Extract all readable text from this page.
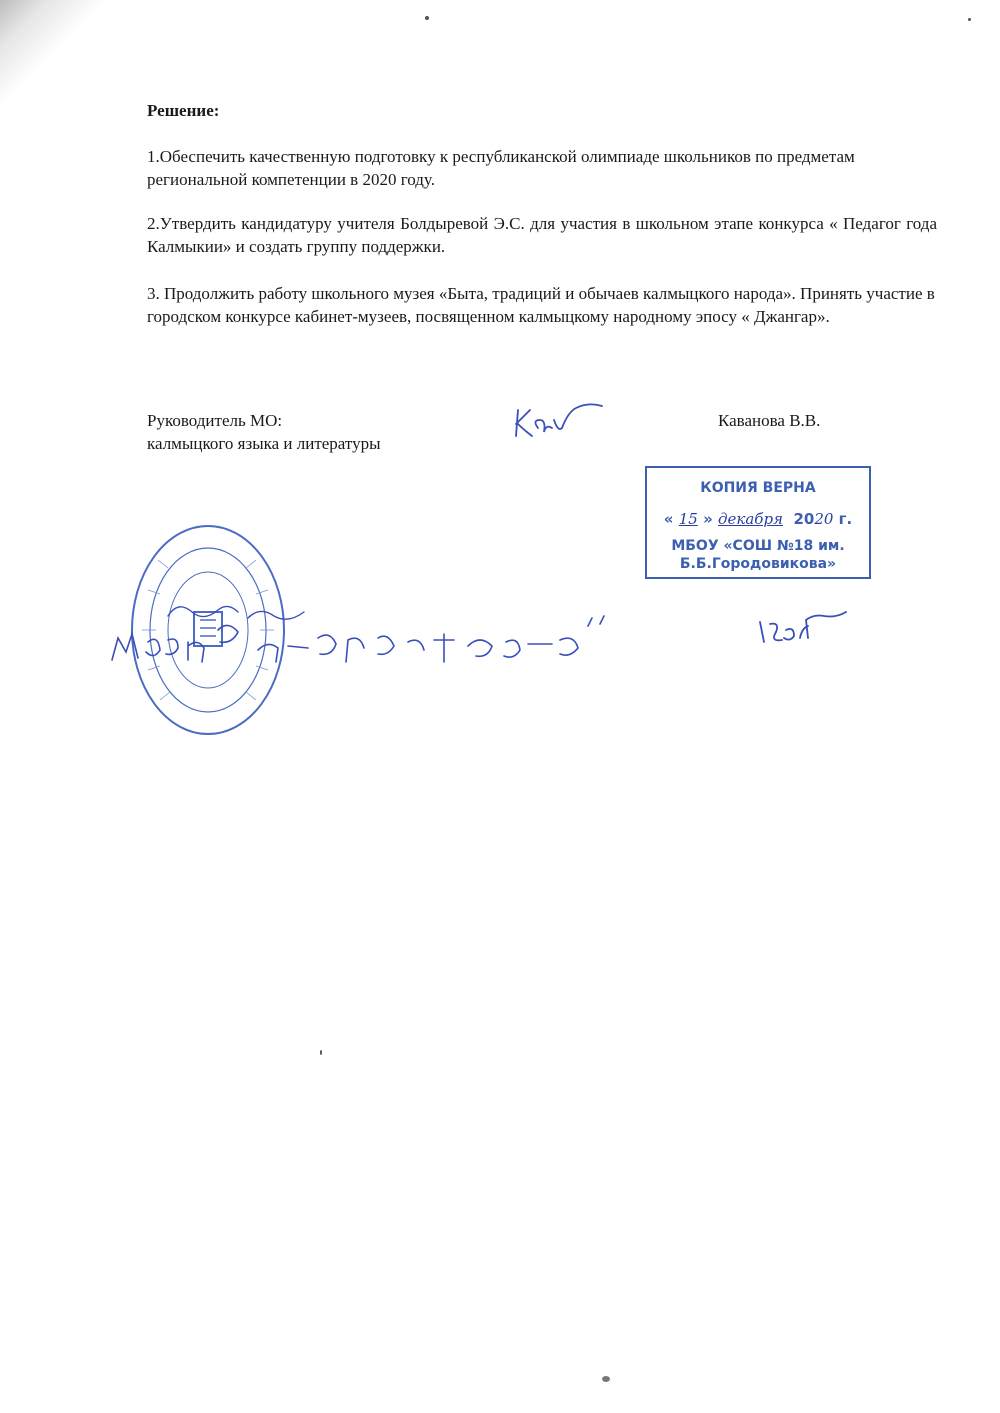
Решение:
1.Обеспечить качественную подготовку к республиканской олимпиаде школьников по предметам региональной компетенции в 2020 году.
2.Утвердить кандидатуру учителя Болдыревой Э.С. для участия в школьном этапе конкурса « Педагог года Калмыкии» и создать группу поддержки.
3. Продолжить работу школьного музея «Быта, традиций и обычаев калмыцкого народа». Принять участие в городском конкурсе кабинет-музеев, посвященном калмыцкому народному эпосу « Джангар».
Руководитель МО:
калмыцкого языка и литературы
Каванова В.В.
КОПИЯ ВЕРНА
« 15 » декабря 2020 г.
МБОУ «СОШ №18 им.
Б.Б.Городовикова»
